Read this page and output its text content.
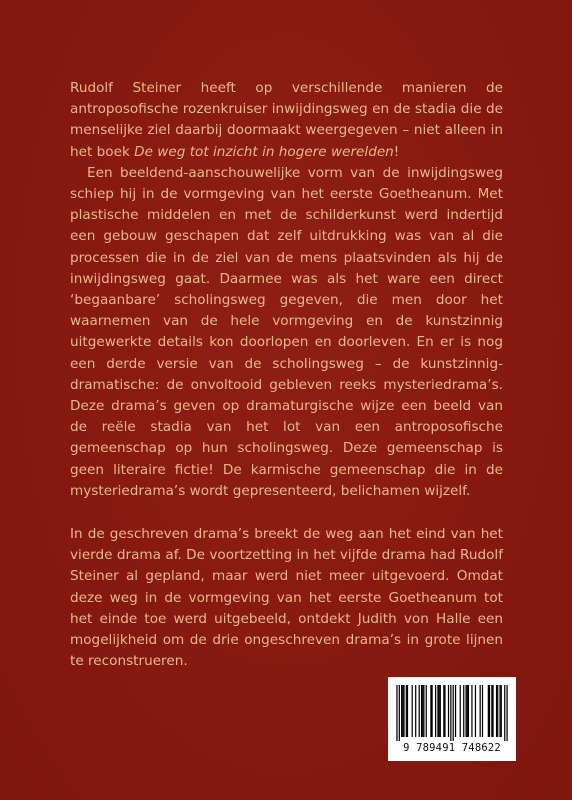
Rudolf Steiner heeft op verschillende manieren de antroposofische rozenkruiser inwijdingsweg en de stadia die de menselijke ziel daarbij doormaakt weergegeven – niet alleen in het boek De weg tot inzicht in hogere werelden!

Een beeldend-aanschouwelijke vorm van de inwijdingsweg schiep hij in de vormgeving van het eerste Goetheanum. Met plastische middelen en met de schilderkunst werd indertijd een gebouw geschapen dat zelf uitdrukking was van al die processen die in de ziel van de mens plaatsvinden als hij de inwijdingsweg gaat. Daarmee was als het ware een direct ‘begaanbare’ scholingsweg gegeven, die men door het waarnemen van de hele vormgeving en de kunstzinnig uitgewerkte details kon doorlopen en doorleven. En er is nog een derde versie van de scholingsweg – de kunstzinnig-dramatische: de onvoltooid gebleven reeks mysteriedrama’s. Deze drama’s geven op dramaturgische wijze een beeld van de reële stadia van het lot van een antroposofische gemeenschap op hun scholingsweg. Deze gemeenschap is geen literaire fictie! De karmische gemeenschap die in de mysteriedrama’s wordt gepresenteerd, belichamen wijzelf.

In de geschreven drama’s breekt de weg aan het eind van het vierde drama af. De voortzetting in het vijfde drama had Rudolf Steiner al gepland, maar werd niet meer uitgevoerd. Omdat deze weg in de vormgeving van het eerste Goetheanum tot het einde toe werd uitgebeeld, ontdekt Judith von Halle een mogelijkheid om de drie ongeschreven drama’s in grote lijnen te reconstrueren.

9 789491 748622
